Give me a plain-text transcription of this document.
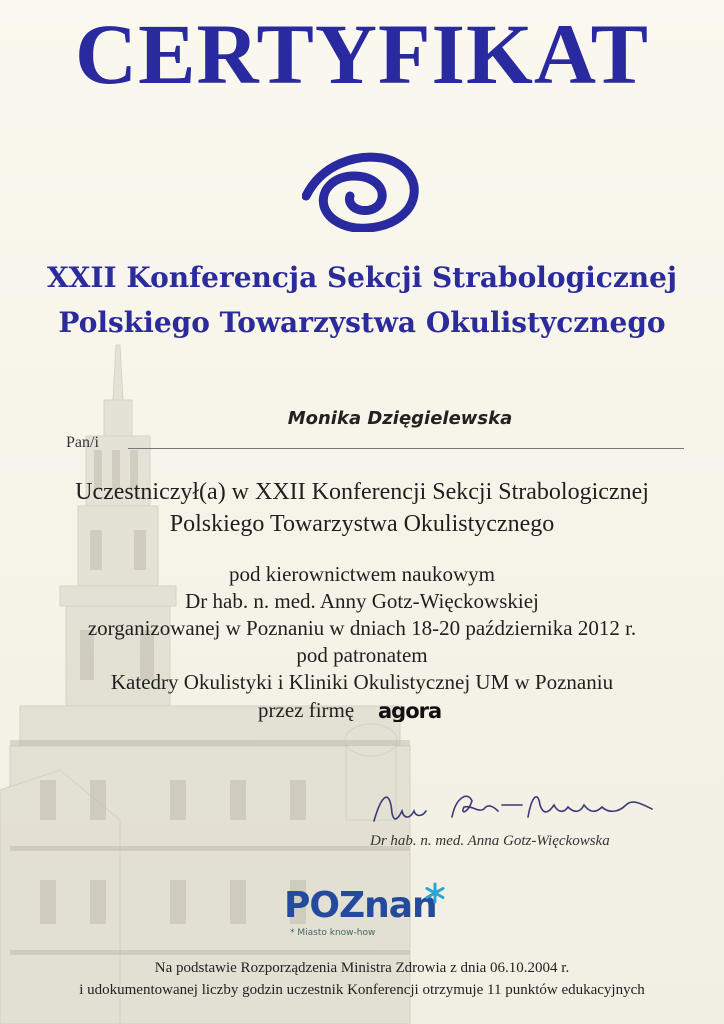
CERTYFIKAT
XXII Konferencja Sekcji Strabologicznej
Polskiego Towarzystwa Okulistycznego
Monika Dzięgielewska
Pan/i
Uczestniczył(a) w XXII Konferencji Sekcji Strabologicznej
Polskiego Towarzystwa Okulistycznego
pod kierownictwem naukowym
Dr hab. n. med. Anny Gotz-Więckowskiej
zorganizowanej w Poznaniu w dniach 18-20 października 2012 r.
pod patronatem
Katedry Okulistyki i Kliniki Okulistycznej UM w Poznaniu
przez firmę agora
Dr hab. n. med. Anna Gotz-Więckowska
POZnan
* Miasto know-how
Na podstawie Rozporządzenia Ministra Zdrowia z dnia 06.10.2004 r.
i udokumentowanej liczby godzin uczestnik Konferencji otrzymuje 11 punktów edukacyjnych
